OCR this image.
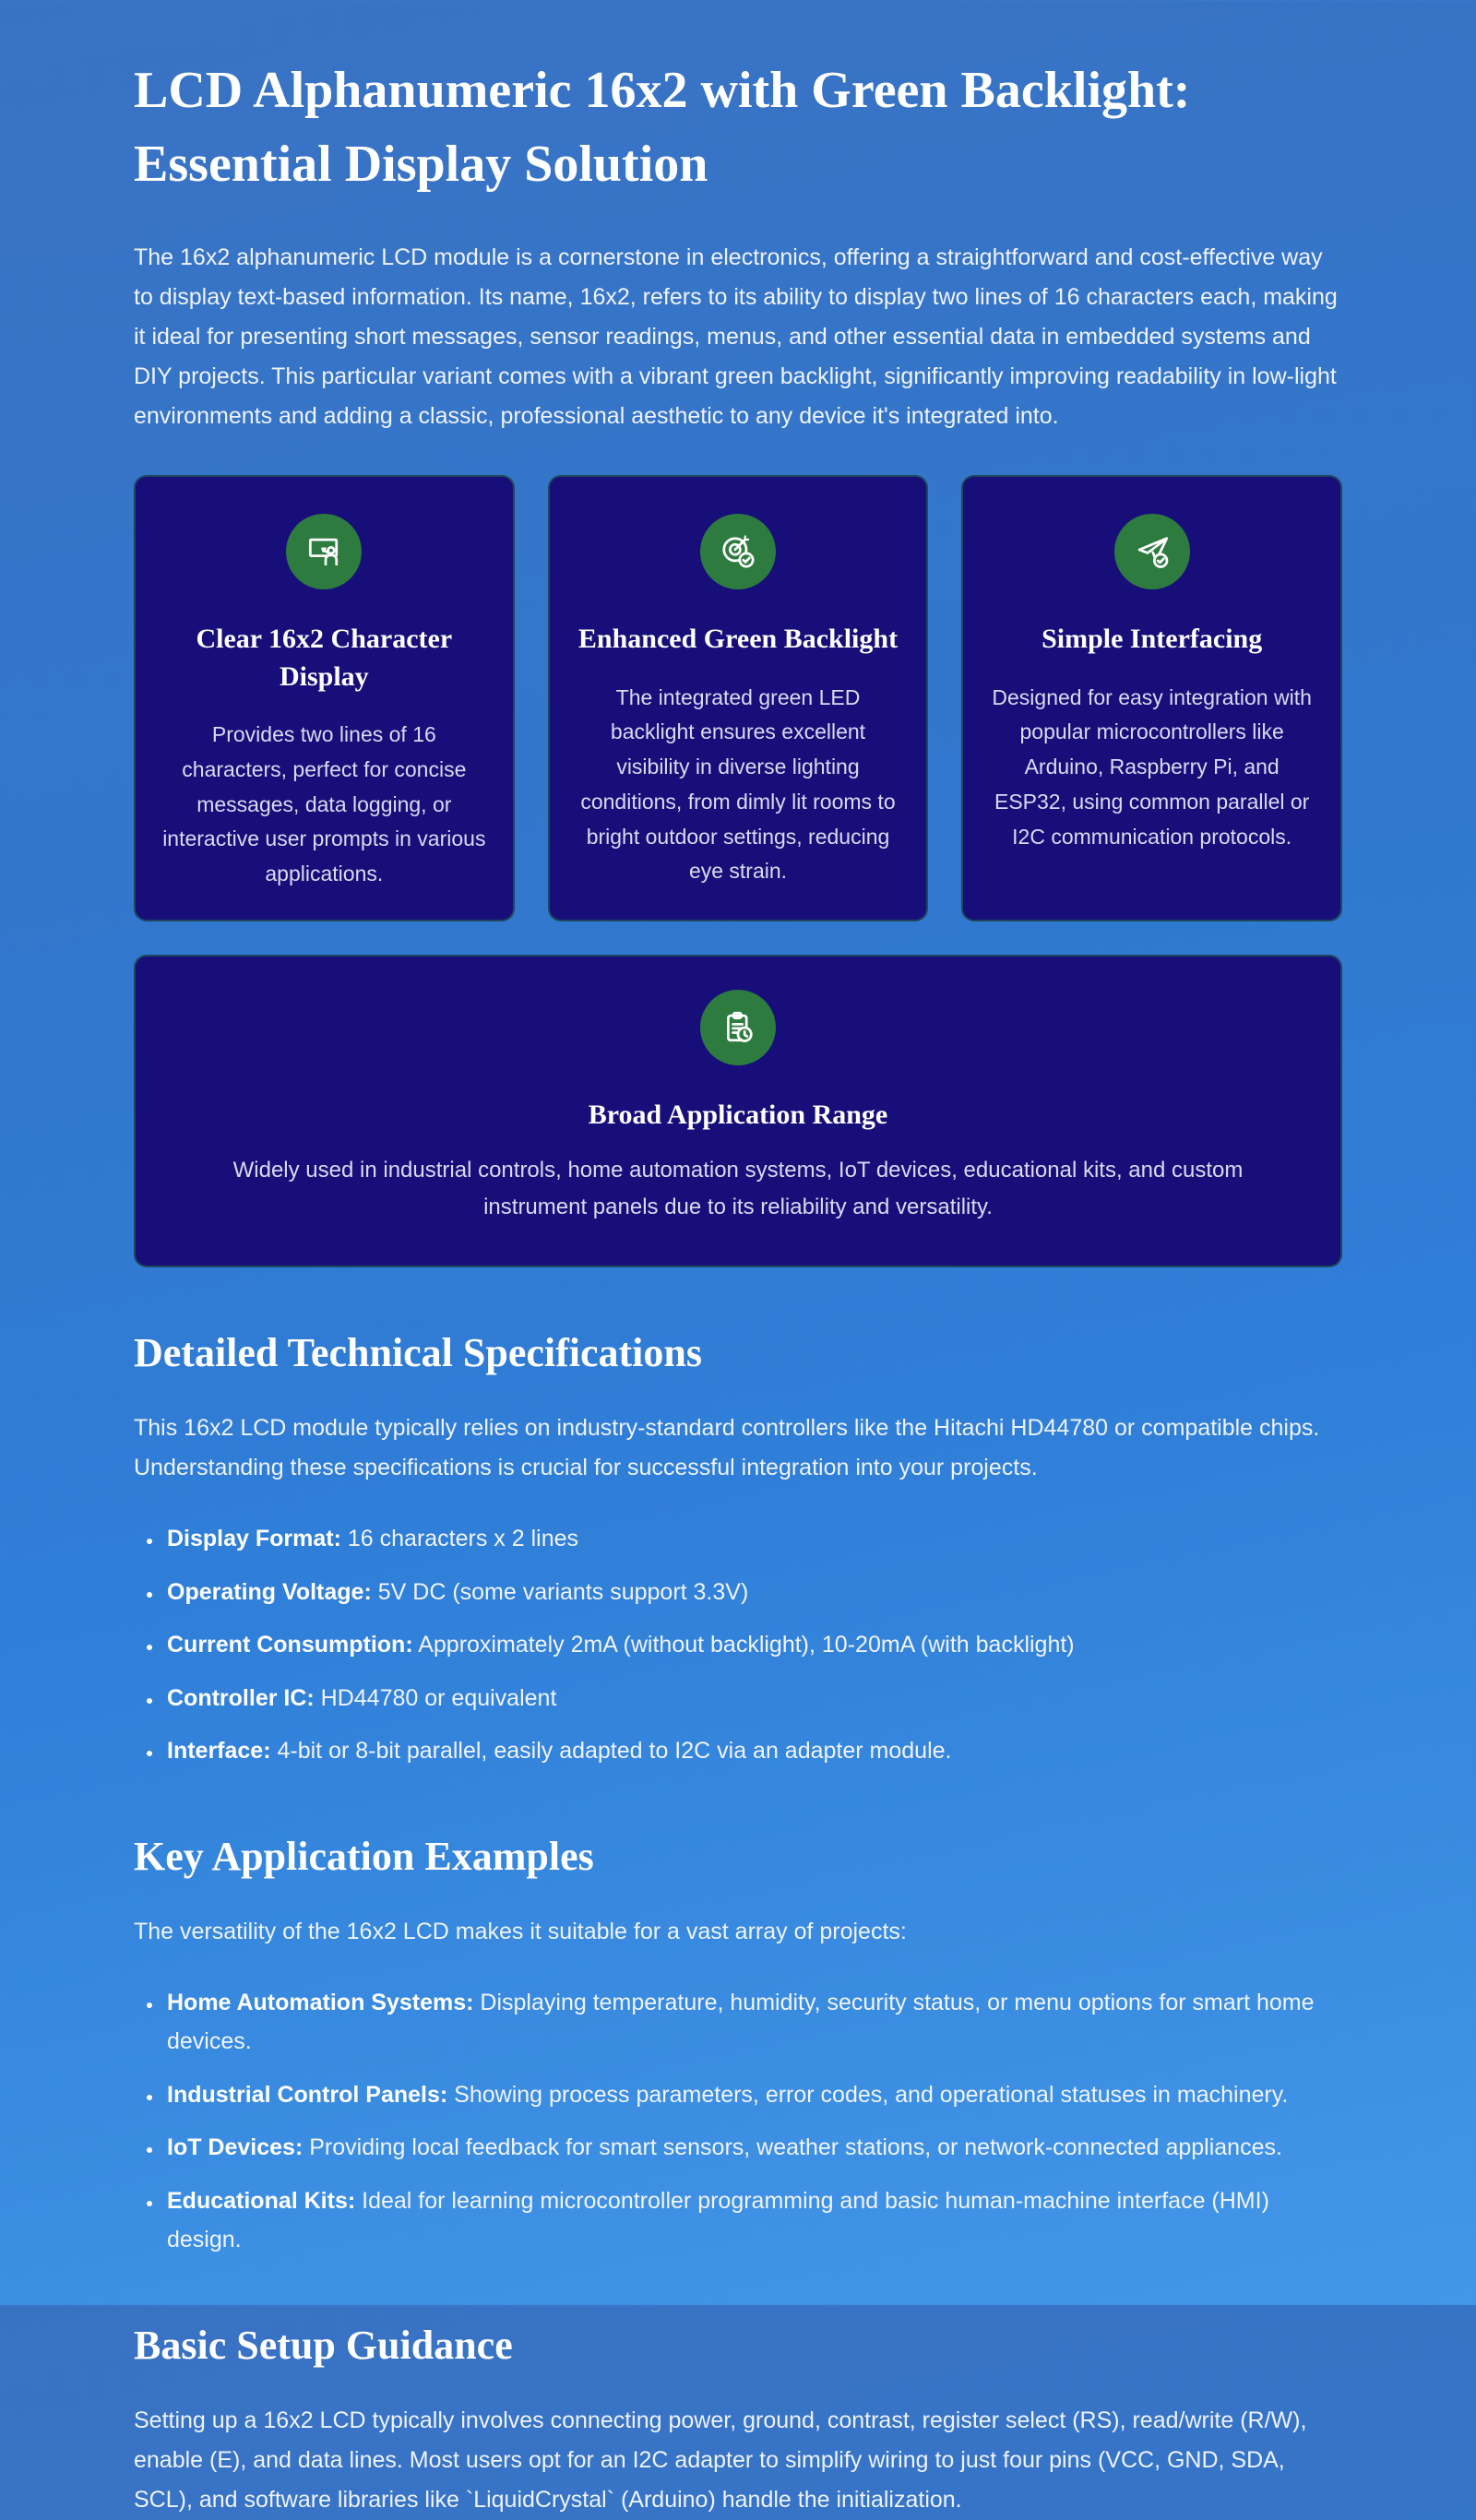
LCD Alphanumeric 16x2 with Green Backlight: Essential Display Solution

The 16x2 alphanumeric LCD module is a cornerstone in electronics, offering a straightforward and cost-effective way to display text-based information. Its name, 16x2, refers to its ability to display two lines of 16 characters each, making it ideal for presenting short messages, sensor readings, menus, and other essential data in embedded systems and DIY projects. This particular variant comes with a vibrant green backlight, significantly improving readability in low-light environments and adding a classic, professional aesthetic to any device it's integrated into.

Clear 16x2 Character Display

Provides two lines of 16 characters, perfect for concise messages, data logging, or interactive user prompts in various applications.

Enhanced Green Backlight

The integrated green LED backlight ensures excellent visibility in diverse lighting conditions, from dimly lit rooms to bright outdoor settings, reducing eye strain.

Simple Interfacing

Designed for easy integration with popular microcontrollers like Arduino, Raspberry Pi, and ESP32, using common parallel or I2C communication protocols.

Broad Application Range

Widely used in industrial controls, home automation systems, IoT devices, educational kits, and custom instrument panels due to its reliability and versatility.

Detailed Technical Specifications

This 16x2 LCD module typically relies on industry-standard controllers like the Hitachi HD44780 or compatible chips. Understanding these specifications is crucial for successful integration into your projects.

• Display Format: 16 characters x 2 lines
• Operating Voltage: 5V DC (some variants support 3.3V)
• Current Consumption: Approximately 2mA (without backlight), 10-20mA (with backlight)
• Controller IC: HD44780 or equivalent
• Interface: 4-bit or 8-bit parallel, easily adapted to I2C via an adapter module.
Key Application Examples

The versatility of the 16x2 LCD makes it suitable for a vast array of projects:

• Home Automation Systems: Displaying temperature, humidity, security status, or menu options for smart home devices.
• Industrial Control Panels: Showing process parameters, error codes, and operational statuses in machinery.
• IoT Devices: Providing local feedback for smart sensors, weather stations, or network-connected appliances.
• Educational Kits: Ideal for learning microcontroller programming and basic human-machine interface (HMI) design.
Basic Setup Guidance

Setting up a 16x2 LCD typically involves connecting power, ground, contrast, register select (RS), read/write (R/W), enable (E), and data lines. Most users opt for an I2C adapter to simplify wiring to just four pins (VCC, GND, SDA, SCL), and software libraries like `LiquidCrystal` (Arduino) handle the initialization.
